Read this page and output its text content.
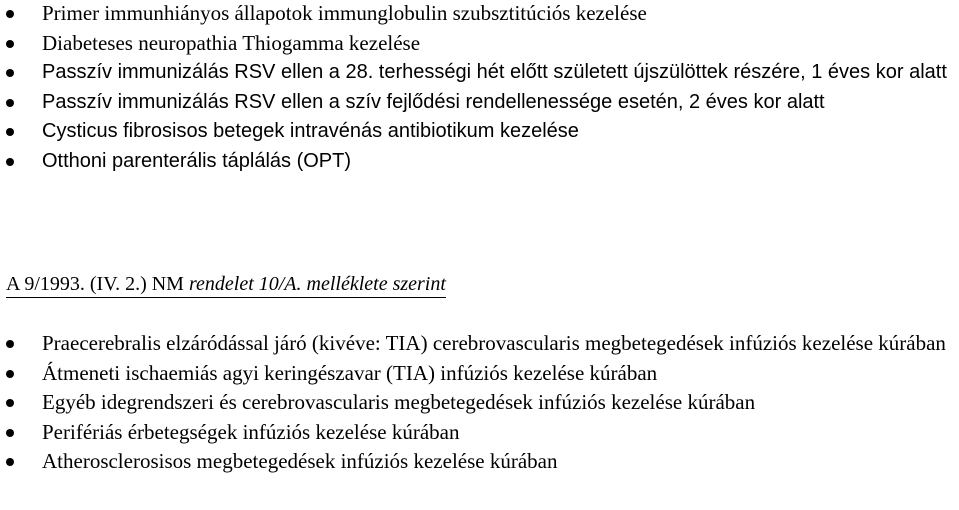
Primer immunhiányos állapotok immunglobulin szubsztitúciós kezelése
Diabeteses neuropathia Thiogamma kezelése
Passzív immunizálás RSV ellen a 28. terhességi hét előtt született újszülöttek részére, 1 éves kor alatt
Passzív immunizálás RSV ellen a szív fejlődési rendellenessége esetén, 2 éves kor alatt
Cysticus fibrosisos betegek intravénás antibiotikum kezelése
Otthoni parenterális táplálás (OPT)
A 9/1993. (IV. 2.) NM rendelet 10/A. melléklete szerint
Praecerebralis elzáródással járó (kivéve: TIA) cerebrovascularis megbetegedések infúziós kezelése kúrában
Átmeneti ischaemiás agyi keringészavar (TIA) infúziós kezelése kúrában
Egyéb idegrendszeri és cerebrovascularis megbetegedések infúziós kezelése kúrában
Perifériás érbetegségek infúziós kezelése kúrában
Atherosclerosisos megbetegedések infúziós kezelése kúrában
